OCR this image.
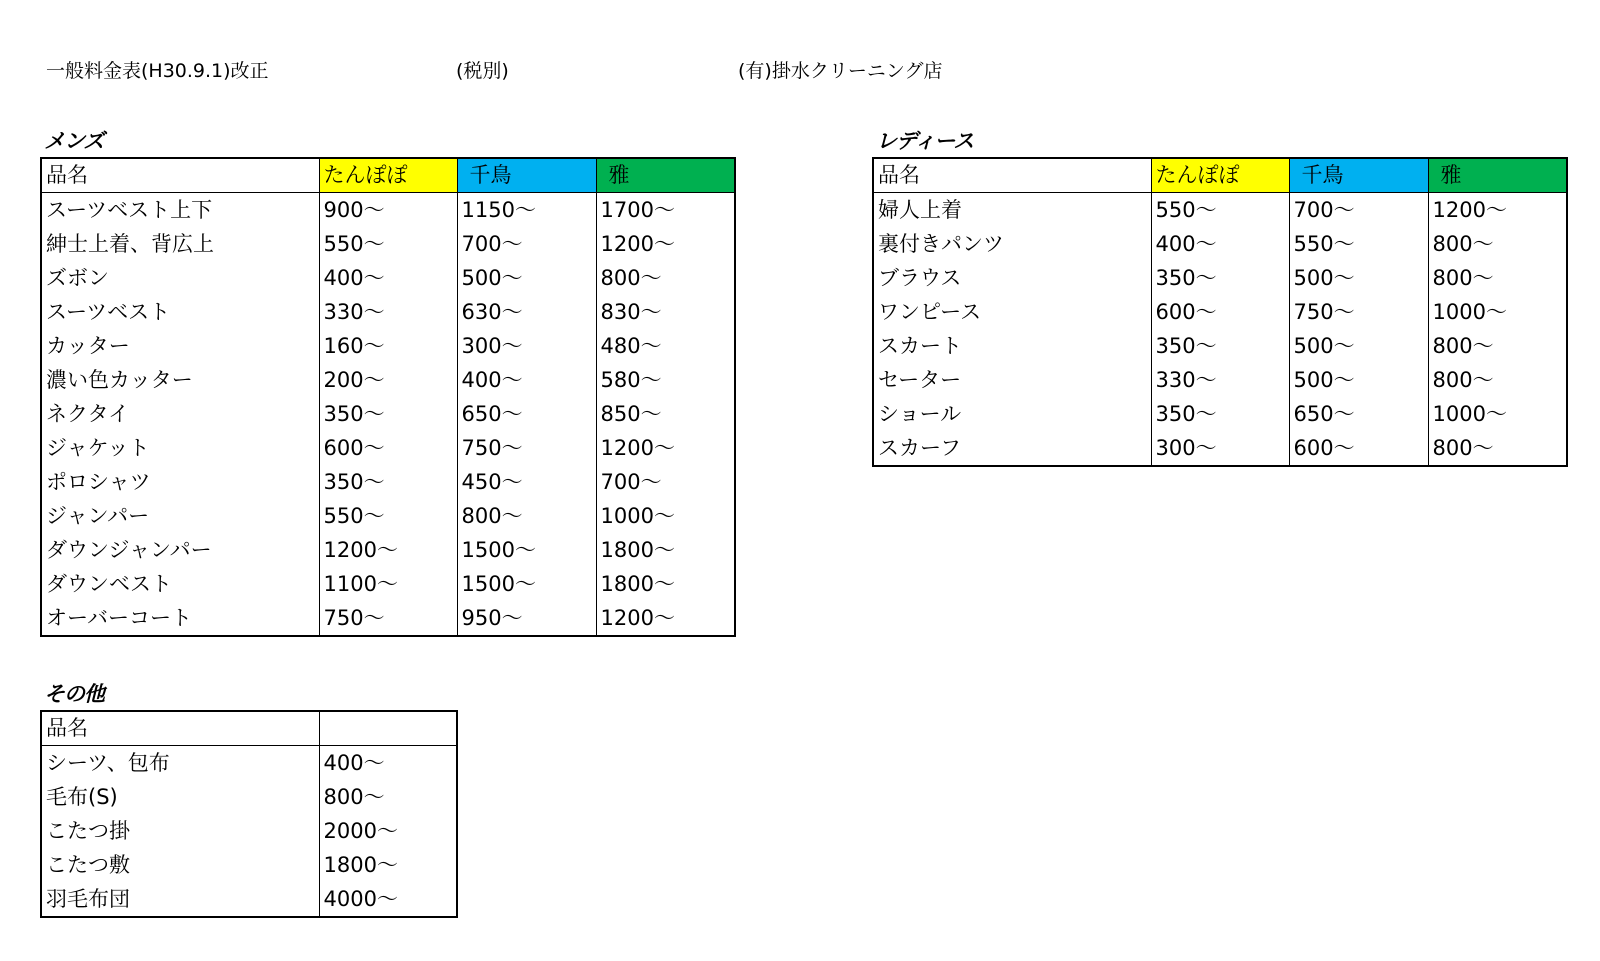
一般料金表(H30.9.1)改正	(税別)	(有)掛水クリーニング店
メンズ
品名	たんぽぽ	千鳥	雅
スーツベスト上下	900〜	1150〜	1700〜
紳士上着、背広上	550〜	700〜	1200〜
ズボン	400〜	500〜	800〜
スーツベスト	330〜	630〜	830〜
カッター	160〜	300〜	480〜
濃い色カッター	200〜	400〜	580〜
ネクタイ	350〜	650〜	850〜
ジャケット	600〜	750〜	1200〜
ポロシャツ	350〜	450〜	700〜
ジャンパー	550〜	800〜	1000〜
ダウンジャンパー	1200〜	1500〜	1800〜
ダウンベスト	1100〜	1500〜	1800〜
オーバーコート	750〜	950〜	1200〜
レディース
品名	たんぽぽ	千鳥	雅
婦人上着	550〜	700〜	1200〜
裏付きパンツ	400〜	550〜	800〜
ブラウス	350〜	500〜	800〜
ワンピース	600〜	750〜	1000〜
スカート	350〜	500〜	800〜
セーター	330〜	500〜	800〜
ショール	350〜	650〜	1000〜
スカーフ	300〜	600〜	800〜
その他
品名	
シーツ、包布	400〜
毛布(S)	800〜
こたつ掛	2000〜
こたつ敷	1800〜
羽毛布団	4000〜
